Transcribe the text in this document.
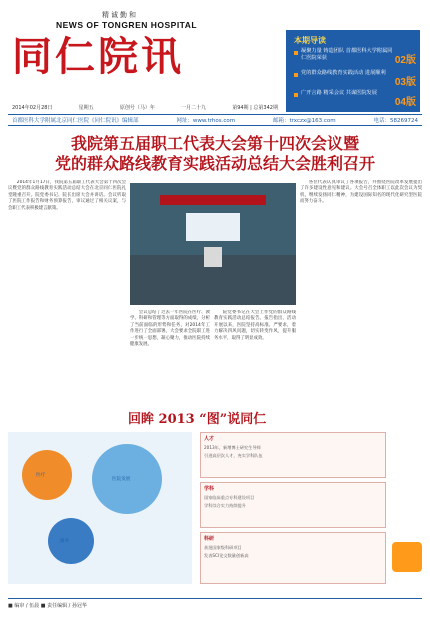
精诚勤和
NEWS OF TONGREN HOSPITAL
同仁院讯
2014年02月28日	星期五	原创号（马）年	一月二十九	第94期 | 总第342期
本期导读
凝聚力量 铸造团队 首都医科大学附属同仁医院荣获	02版
党的群众路线教育实践活动 进展顺利
03版
广开言路 精采会议 共谋医院发展
04版
首都医科大学附属北京同仁医院《同仁院讯》编辑部	网址：www.trhos.com	邮箱：trxczx@163.com	电话：58269724
我院第五届职工代表大会第十四次会议暨
党的群众路线教育实践活动总结大会胜利召开

2014年1月17日，我院第五届职工代表大会第十四次会议暨党的群众路线教育实践活动总结大会在北京同仁医院礼堂隆重召开。院党委书记、院长出席大会并讲话。会议听取了医院工作报告和财务预算报告，审议通过了相关议案，与会职工代表积极建言献策。

会议总结了过去一年医院在医疗、教学、科研和管理等方面取得的成绩，分析了当前面临的形势和任务，对2014年工作进行了全面部署。大会要求全院职工进一步统一思想，凝心聚力，推动医院持续健康发展。

院党委书记在大会上作党的群众路线教育实践活动总结报告。报告指出，活动开展以来，医院坚持高标准、严要求，着力解决四风问题，切实转变作风，提升服务水平，取得了明显成效。

各位代表认真审议了各项报告，并围绕医院改革发展提出了许多建设性意见和建议。大会号召全体职工以此次会议为契机，继续发扬同仁精神，为建设国际知名的现代化研究型医院而努力奋斗。

回眸 2013 “图”说同仁
医疗
医院发展
服务
人才
2013年，新增博士研究生导师
引进高层次人才，充实学科队伍
学科
国家临床重点专科建设项目
学科综合实力持续提升
科研
获批国家级科研项目
发表SCI论文数量创新高
■ 编审 / 伍晨 ■ 责任编辑 / 孙冠华
